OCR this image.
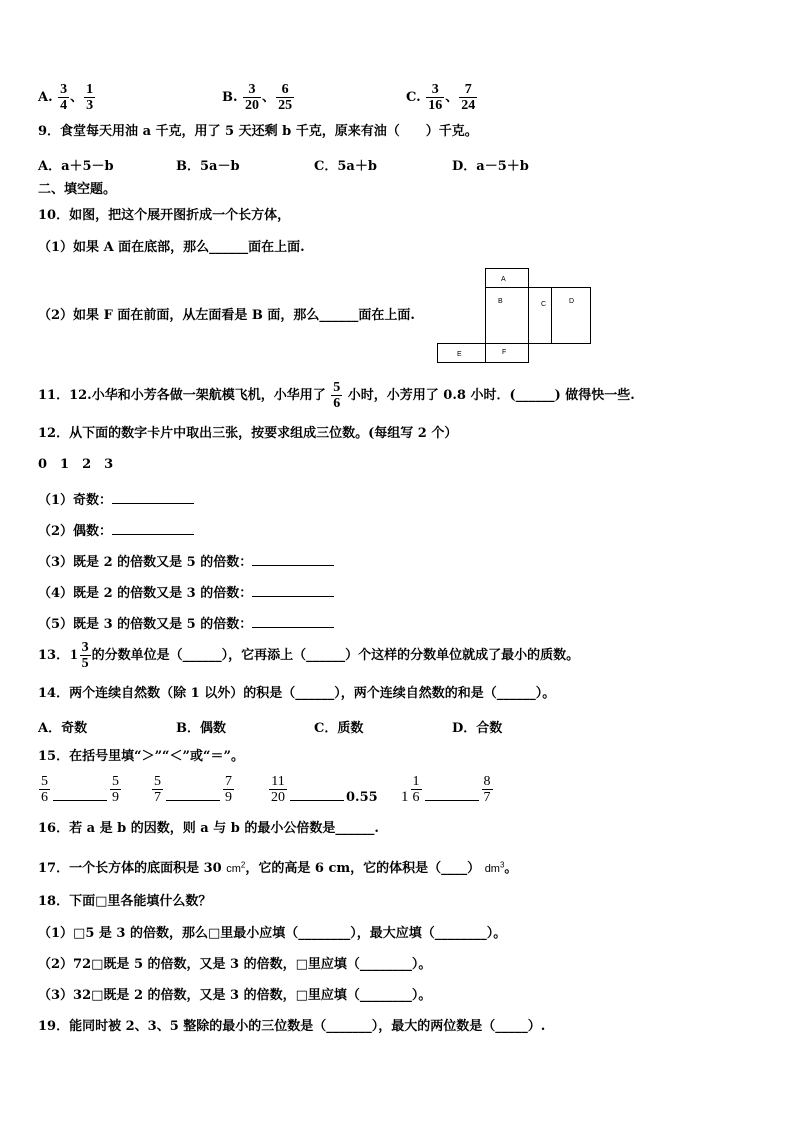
A. $\frac{3}{4}$ 、 $\frac{1}{3}$	B. $\frac{3}{20}$ 、 $\frac{6}{25}$	C. $\frac{3}{16}$ 、 $\frac{7}{24}$
9．食堂每天用油 a 千克，用了 5 天还剩 b 千克，原来有油（　　）千克。
A．a＋5－b	B．5a－b	C．5a＋b	D．a－5＋b
二、填空题。
10．如图，把这个展开图折成一个长方体，
（1）如果 A 面在底部，那么______面在上面.
（2）如果 F 面在前面，从左面看是 B 面，那么______面在上面.
A
B	C	D
E	F
11．12.小华和小芳各做一架航模飞机，小华用了 $\frac{5}{6}$ 小时，小芳用了 0.8 小时．(______) 做得快一些.
12．从下面的数字卡片中取出三张，按要求组成三位数。(每组写 2 个）
0　1　2　3
（1）奇数：
（2）偶数：
（3）既是 2 的倍数又是 5 的倍数：
（4）既是 2 的倍数又是 3 的倍数：
（5）既是 3 的倍数又是 5 的倍数：
13． $1 \frac{3}{5}$ 的分数单位是（______），它再添上（______）个这样的分数单位就成了最小的质数。
14．两个连续自然数（除 1 以外）的积是（______），两个连续自然数的和是（______）。
A．奇数	B．偶数	C．质数	D．合数
15．在括号里填“＞”“＜”或“＝”。
$\frac{5}{6}$	$\frac{5}{9} \frac{5}{7}$	$\frac{7}{9}$	$\frac{11}{20}$	0.55 $1 \frac{1}{6}$	$\frac{8}{7}$
16．若 a 是 b 的因数，则 a 与 b 的最小公倍数是______.
17．一个长方体的底面积是 30 $cm^2$，它的高是 6 cm，它的体积是（____） $dm^3$。
18．下面□里各能填什么数？
（1）□5 是 3 的倍数，那么□里最小应填（________），最大应填（________）。
（2）72□既是 5 的倍数，又是 3 的倍数，□里应填（________）。
（3）32□既是 2 的倍数，又是 3 的倍数，□里应填（________）。
19．能同时被 2、3、5 整除的最小的三位数是（_______），最大的两位数是（_____）.
